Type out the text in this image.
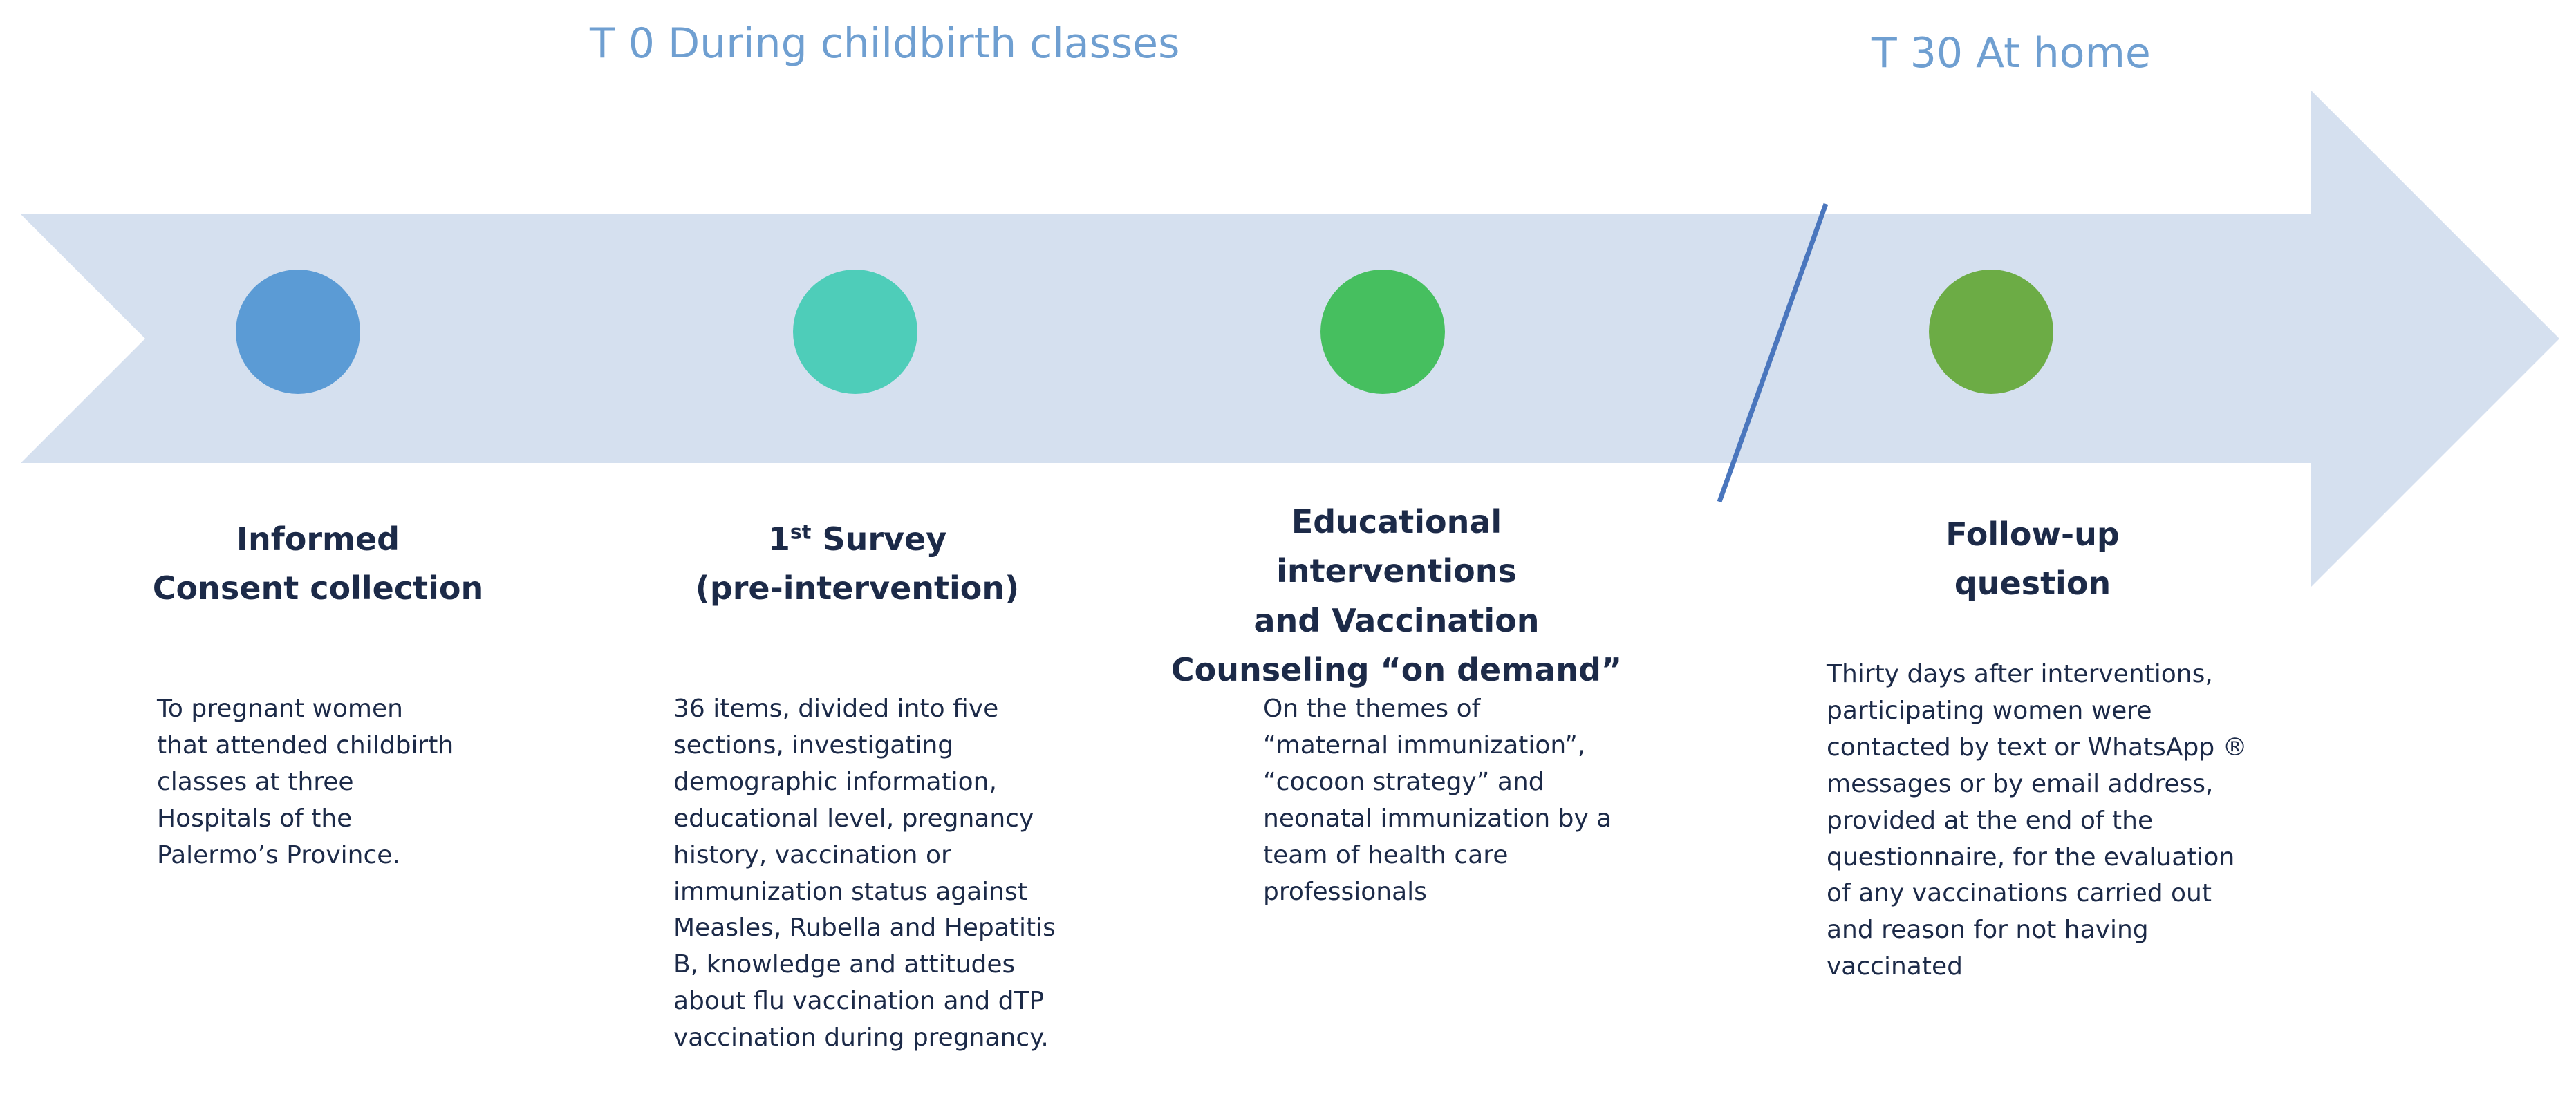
T 0 During childbirth classes	T 30 At home
Informed
Consent collection
To pregnant women
that attended childbirth
classes at three
Hospitals of the
Palermo’s Province.
1st Survey
(pre-intervention)
36 items, divided into five
sections, investigating
demographic information,
educational level, pregnancy
history, vaccination or
immunization status against
Measles, Rubella and Hepatitis
B, knowledge and attitudes
about flu vaccination and dTP
vaccination during pregnancy.
Educational interventions
and Vaccination
Counseling “on demand”
On the themes of
“maternal immunization”,
“cocoon strategy” and
neonatal immunization by a
team of health care
professionals
Follow-up
question
Thirty days after interventions,
participating women were
contacted by text or WhatsApp ®
messages or by email address,
provided at the end of the
questionnaire, for the evaluation
of any vaccinations carried out
and reason for not having
vaccinated
